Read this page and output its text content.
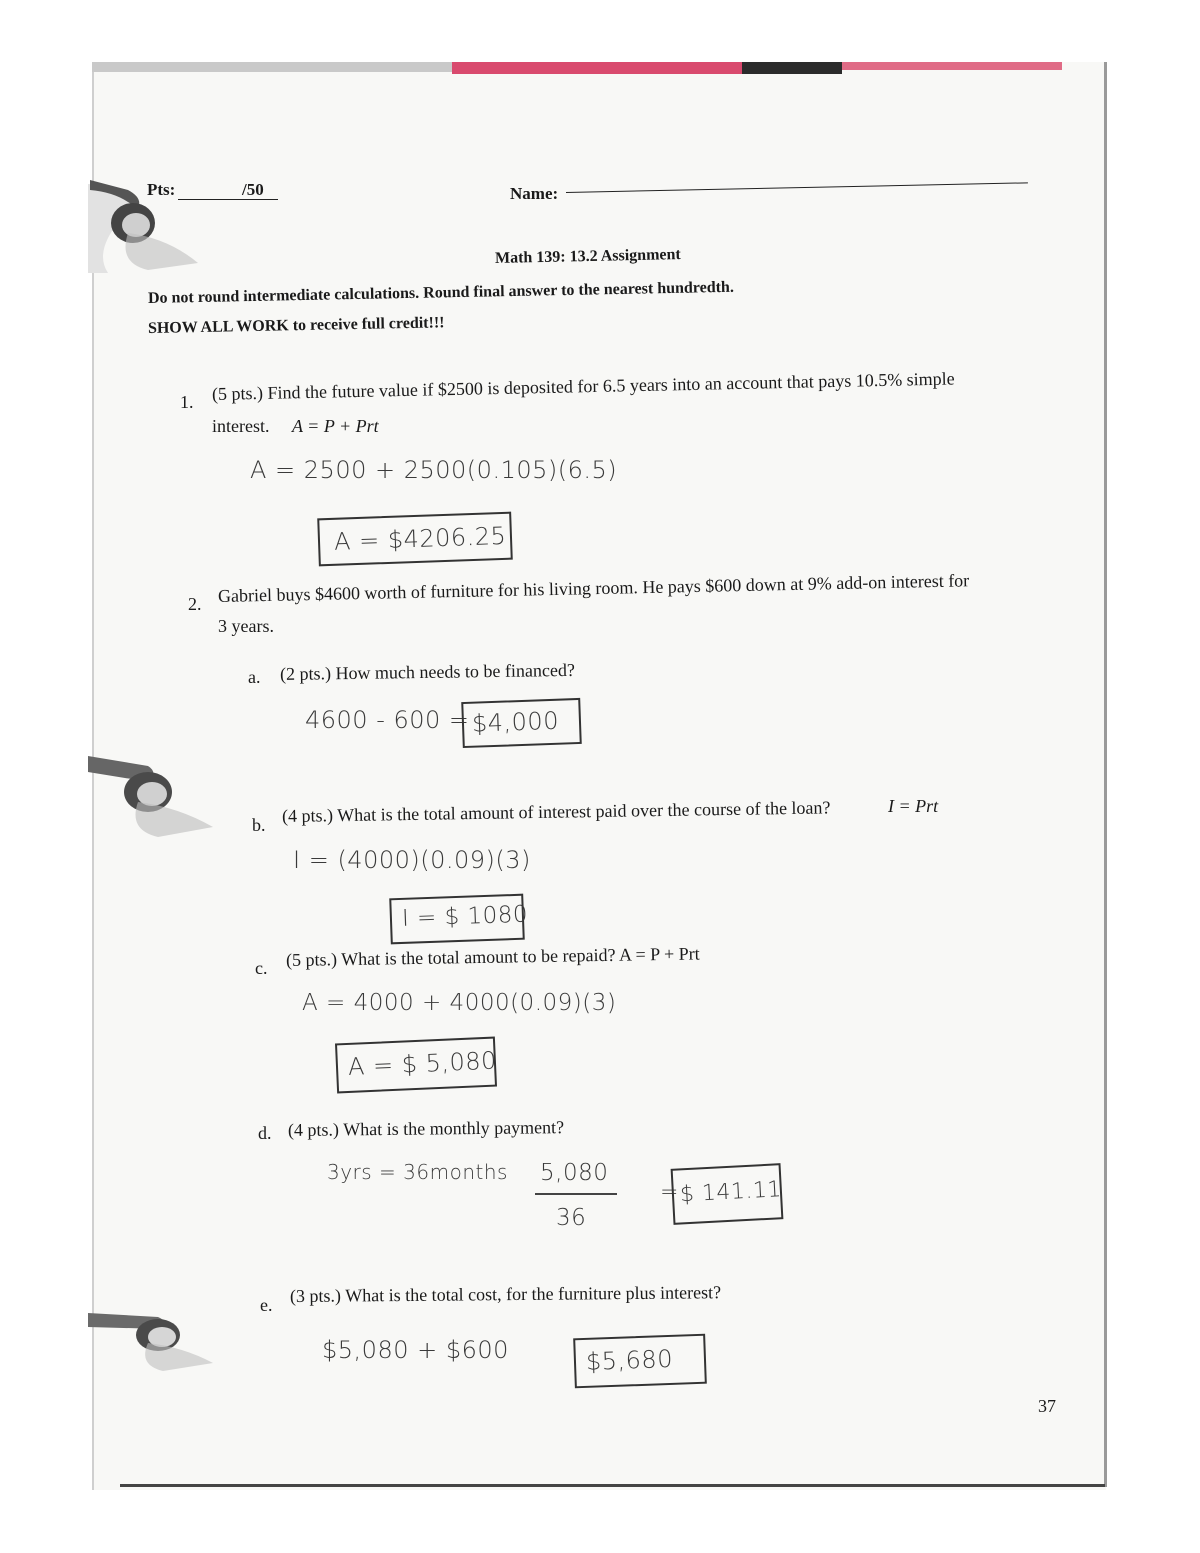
Pts:	/50	Name:
Math 139: 13.2 Assignment
Do not round intermediate calculations. Round final answer to the nearest hundredth.
SHOW ALL WORK to receive full credit!!!
1. (5 pts.) Find the future value if $2500 is deposited for 6.5 years into an account that pays 10.5% simple
interest. A = P + Prt
A = 2500 + 2500(0.105)(6.5)
A = $4206.25
2. Gabriel buys $4600 worth of furniture for his living room. He pays $600 down at 9% add-on interest for
3 years.
a. (2 pts.) How much needs to be financed?
4600 - 600 = $4,000
b. (4 pts.) What is the total amount of interest paid over the course of the loan?	I = Prt
I = (4000)(0.09)(3)
I = $ 1080
c. (5 pts.) What is the total amount to be repaid? A = P + Prt
A = 4000 + 4000(0.09)(3)
A = $ 5,080
d. (4 pts.) What is the monthly payment?
3yrs = 36months 5,080
36
= $ 141.11
e. (3 pts.) What is the total cost, for the furniture plus interest?
$5,080 + $600	$5,680
37
